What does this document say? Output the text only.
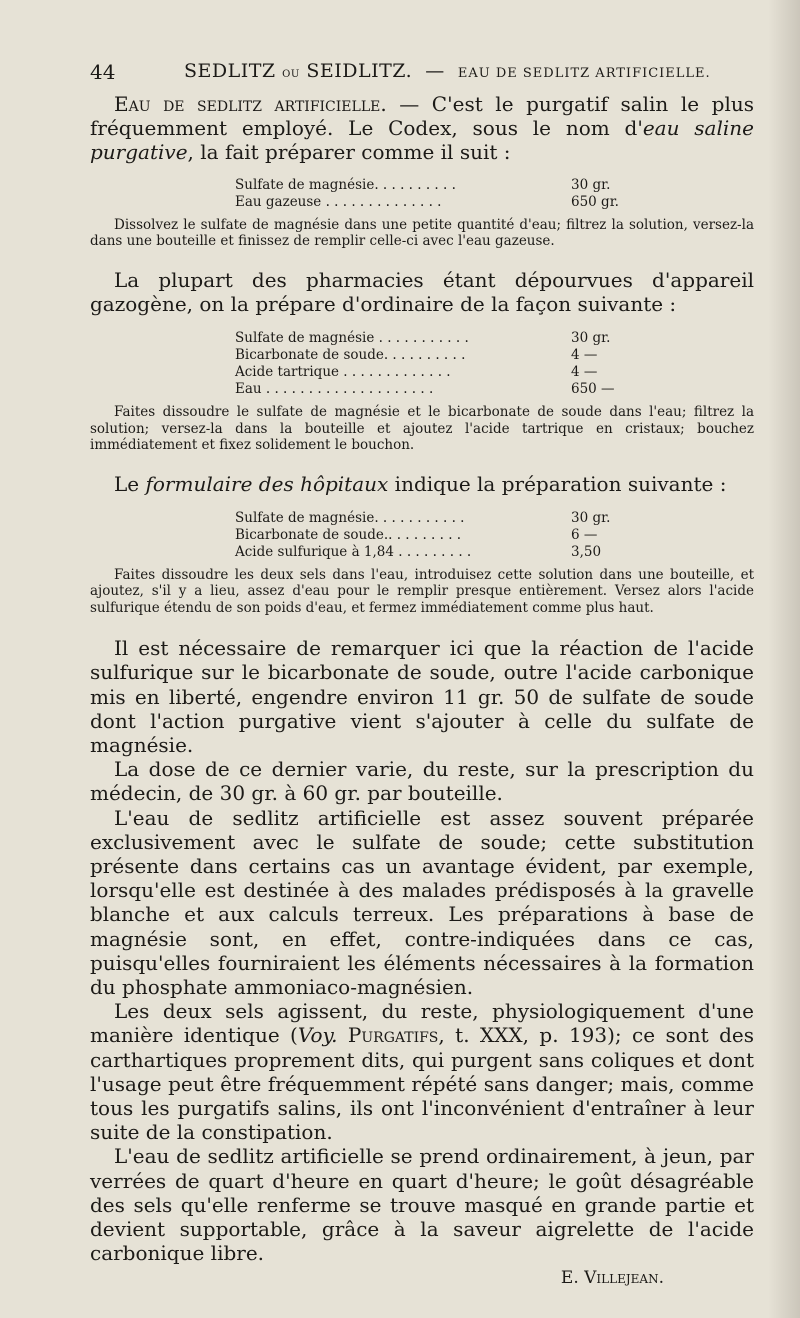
44	SEDLITZ ou SEIDLITZ. — EAU DE SEDLITZ ARTIFICIELLE.

Eau de sedlitz artificielle. — C'est le purgatif salin le plus fréquemment employé. Le Codex, sous le nom d'eau saline purgative, la fait préparer comme il suit :

Sulfate de magnésie. . . . . . . . . .	30 gr.
Eau gazeuse . . . . . . . . . . . . . .	650 gr.

Dissolvez le sulfate de magnésie dans une petite quantité d'eau; filtrez la solution, versez-la dans une bouteille et finissez de remplir celle-ci avec l'eau gazeuse.

La plupart des pharmacies étant dépourvues d'appareil gazogène, on la prépare d'ordinaire de la façon suivante :

Sulfate de magnésie . . . . . . . . . . .	30 gr.
Bicarbonate de soude. . . . . . . . . .	4 —
Acide tartrique . . . . . . . . . . . . .	4 —
Eau . . . . . . . . . . . . . . . . . . . .	650 —

Faites dissoudre le sulfate de magnésie et le bicarbonate de soude dans l'eau; filtrez la solution; versez-la dans la bouteille et ajoutez l'acide tartrique en cristaux; bouchez immédiatement et fixez solidement le bouchon.

Le formulaire des hôpitaux indique la préparation suivante :

Sulfate de magnésie. . . . . . . . . . .	30 gr.
Bicarbonate de soude.. . . . . . . . .	6 —
Acide sulfurique à 1,84 . . . . . . . . .	3,50

Faites dissoudre les deux sels dans l'eau, introduisez cette solution dans une bouteille, et ajoutez, s'il y a lieu, assez d'eau pour le remplir presque entièrement. Versez alors l'acide sulfurique étendu de son poids d'eau, et fermez immédiatement comme plus haut.

Il est nécessaire de remarquer ici que la réaction de l'acide sulfurique sur le bicarbonate de soude, outre l'acide carbonique mis en liberté, engendre environ 11 gr. 50 de sulfate de soude dont l'action purgative vient s'ajouter à celle du sulfate de magnésie.

La dose de ce dernier varie, du reste, sur la prescription du médecin, de 30 gr. à 60 gr. par bouteille.

L'eau de sedlitz artificielle est assez souvent préparée exclusivement avec le sulfate de soude; cette substitution présente dans certains cas un avantage évident, par exemple, lorsqu'elle est destinée à des malades prédisposés à la gravelle blanche et aux calculs terreux. Les préparations à base de magnésie sont, en effet, contre-indiquées dans ce cas, puisqu'elles fourniraient les éléments nécessaires à la formation du phosphate ammoniaco-magnésien.

Les deux sels agissent, du reste, physiologiquement d'une manière identique (Voy. Purgatifs, t. XXX, p. 193); ce sont des carthartiques proprement dits, qui purgent sans coliques et dont l'usage peut être fréquemment répété sans danger; mais, comme tous les purgatifs salins, ils ont l'inconvénient d'entraîner à leur suite de la constipation.

L'eau de sedlitz artificielle se prend ordinairement, à jeun, par verrées de quart d'heure en quart d'heure; le goût désagréable des sels qu'elle renferme se trouve masqué en grande partie et devient supportable, grâce à la saveur aigrelette de l'acide carbonique libre.

E. Villejean.
